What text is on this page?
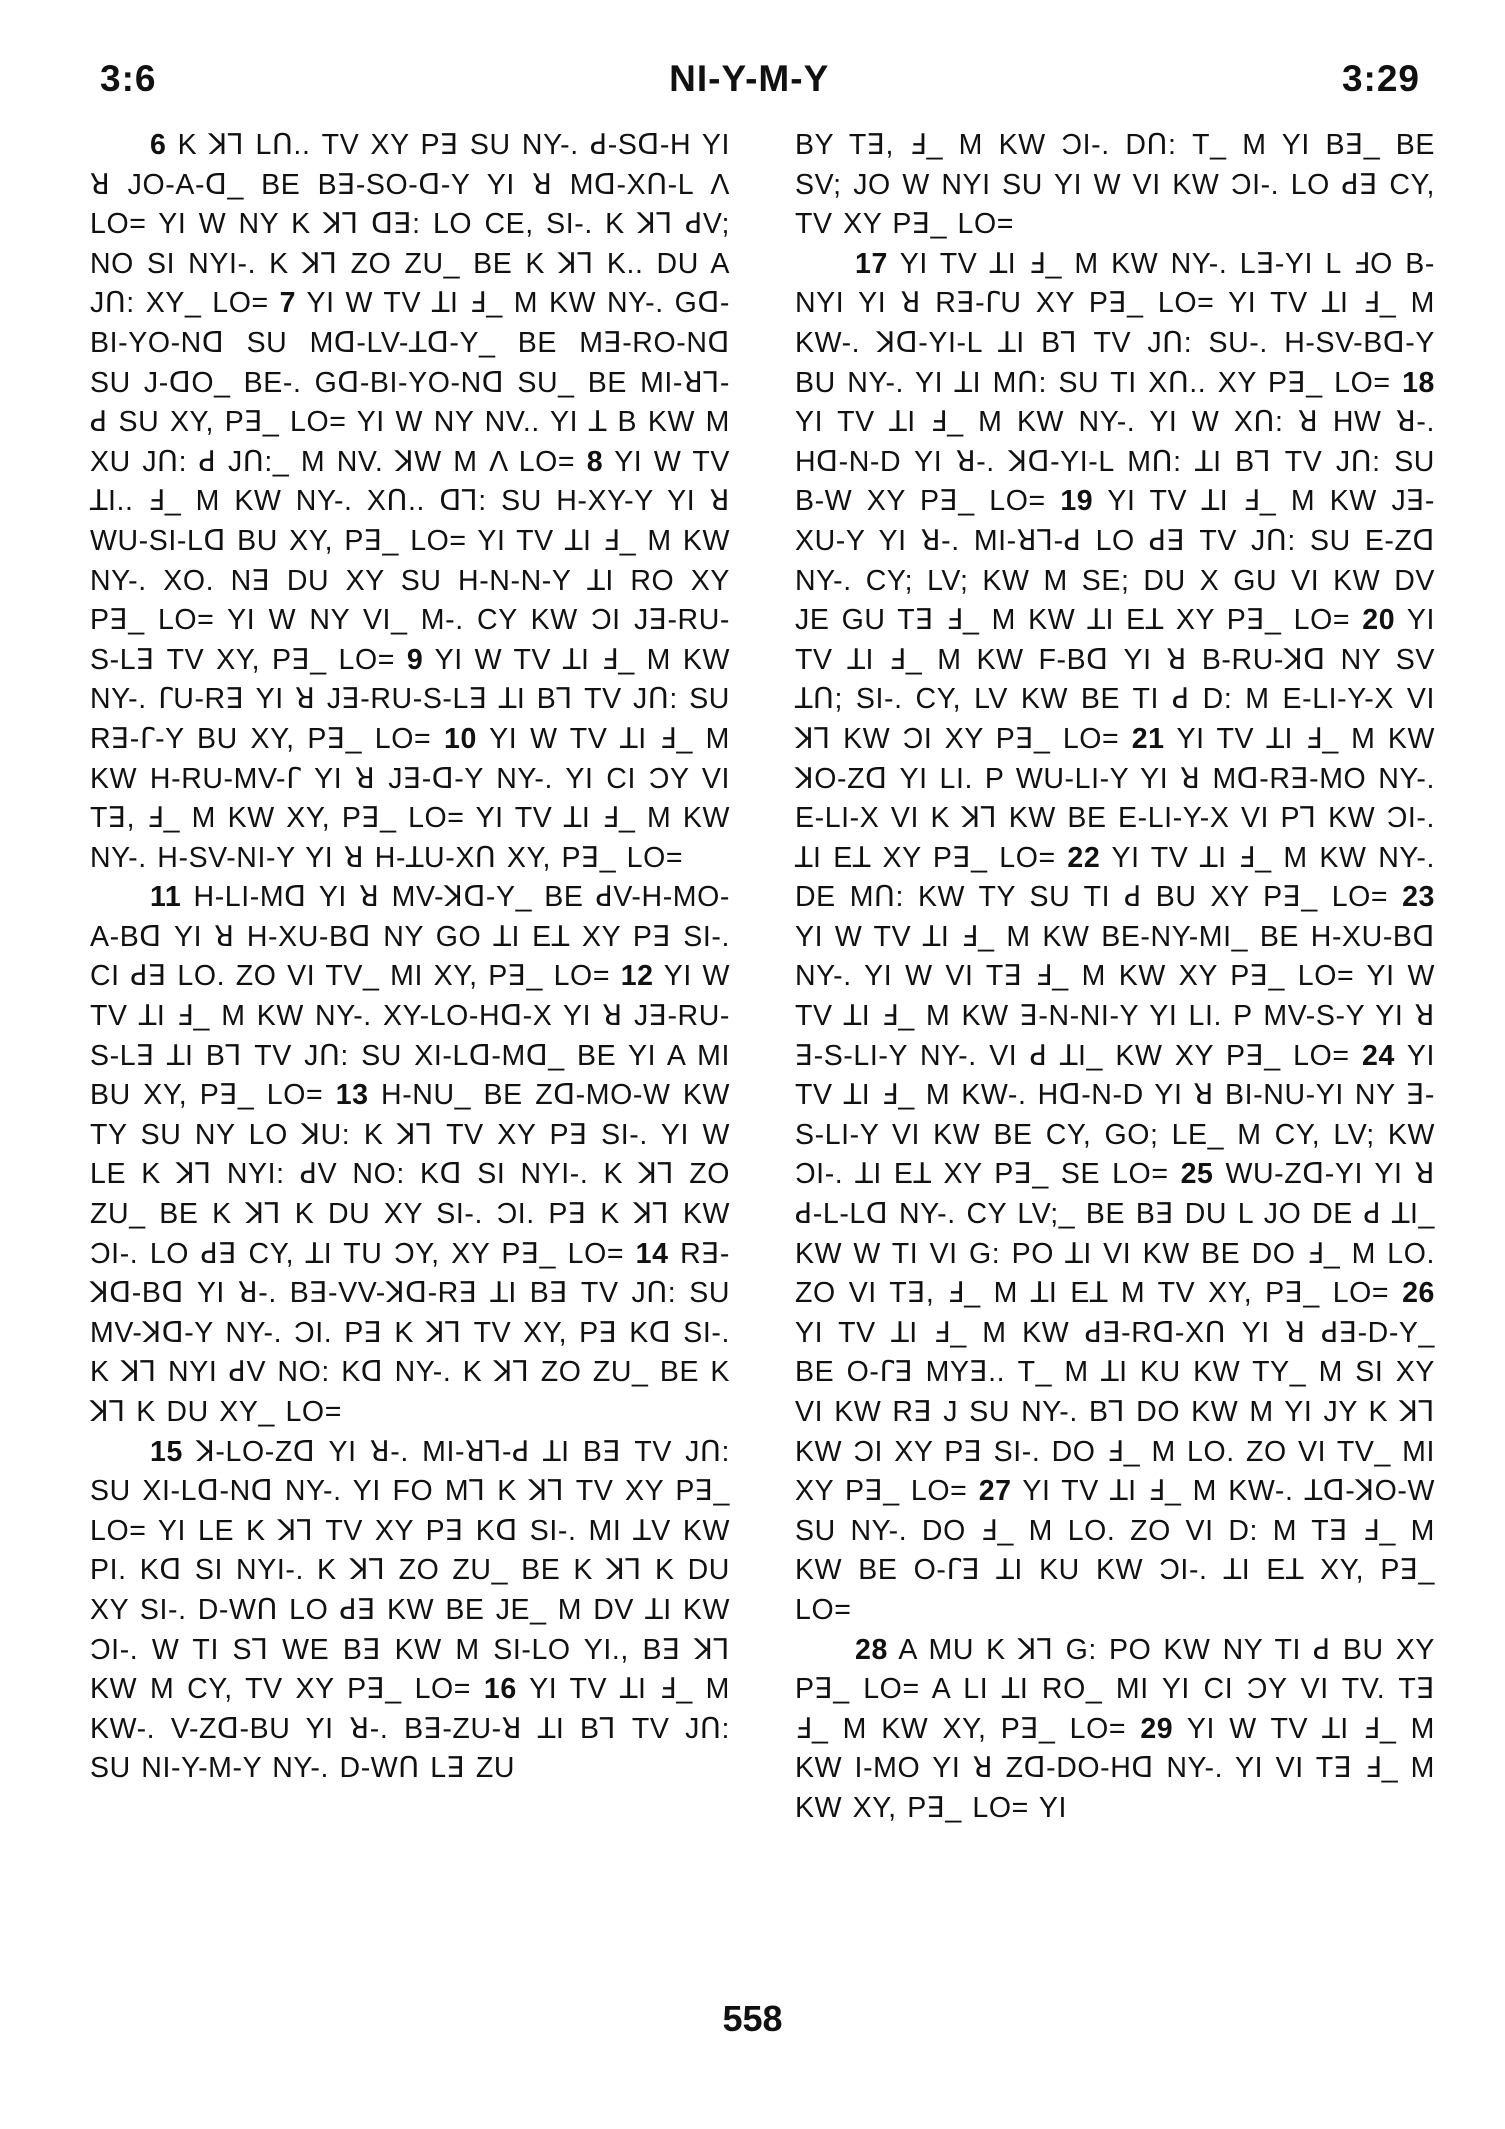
3:6	NI-Y-M-Y	3:29

6 K ꓘꓶ LՈ.. TV XY Pꓱ SU NY-. ꓒ-Sᗡ-H YI ꓤ JO-A-ᗡ_ BE Bꓱ-SO-ᗡ-Y YI ꓤ Mᗡ-XՈ-L Λ LO= YI W NY K ꓘꓶ ᗡꓱ: LO CE, SI-. K ꓘꓶ ꓒV; NO SI NYI-. K ꓘꓶ ZO ZU_ BE K ꓘꓶ K.. DU A JՈ: XY_ LO= 7 YI W TV ꓕI ꓞ_ M KW NY-. Gᗡ-BI-YO-Nᗡ SU Mᗡ-LV-ꓕᗡ-Y_ BE Mꓱ-RO-Nᗡ SU J-ᗡO_ BE-. Gᗡ-BI-YO-Nᗡ SU_ BE MI-ꓤꓶ-ꓒ SU XY, Pꓱ_ LO= YI W NY NV.. YI ꓕ B KW M XU JՈ: ꓒ JՈ:_ M NV. ꓘW M Λ LO= 8 YI W TV ꓕI.. ꓞ_ M KW NY-. XՈ.. ᗡꓶ: SU H-XY-Y YI ꓤ WU-SI-Lᗡ BU XY, Pꓱ_ LO= YI TV ꓕI ꓞ_ M KW NY-. XO. Nꓱ DU XY SU H-N-N-Y ꓕI RO XY Pꓱ_ LO= YI W NY VI_ M-. CY KW ƆI Jꓱ-RU-S-Lꓱ TV XY, Pꓱ_ LO= 9 YI W TV ꓕI ꓞ_ M KW NY-. ꓩU-Rꓱ YI ꓤ Jꓱ-RU-S-Lꓱ ꓕI Bꓶ TV JՈ: SU Rꓱ-ꓩ-Y BU XY, Pꓱ_ LO= 10 YI W TV ꓕI ꓞ_ M KW H-RU-MV-ꓩ YI ꓤ Jꓱ-ᗡ-Y NY-. YI CI ƆY VI Tꓱ, ꓞ_ M KW XY, Pꓱ_ LO= YI TV ꓕI ꓞ_ M KW NY-. H-SV-NI-Y YI ꓤ H-ꓕU-XՈ XY, Pꓱ_ LO=

11 H-LI-Mᗡ YI ꓤ MV-ꓘᗡ-Y_ BE ꓒV-H-MO-A-Bᗡ YI ꓤ H-XU-Bᗡ NY GO ꓕI Eꓕ XY Pꓱ SI-. CI ꓒꓱ LO. ZO VI TV_ MI XY, Pꓱ_ LO= 12 YI W TV ꓕI ꓞ_ M KW NY-. XY-LO-Hᗡ-X YI ꓤ Jꓱ-RU-S-Lꓱ ꓕI Bꓶ TV JՈ: SU XI-Lᗡ-Mᗡ_ BE YI A MI BU XY, Pꓱ_ LO= 13 H-NU_ BE Zᗡ-MO-W KW TY SU NY LO ꓘU: K ꓘꓶ TV XY Pꓱ SI-. YI W LE K ꓘꓶ NYI: ꓒV NO: Kᗡ SI NYI-. K ꓘꓶ ZO ZU_ BE K ꓘꓶ K DU XY SI-. ƆI. Pꓱ K ꓘꓶ KW ƆI-. LO ꓒꓱ CY, ꓕI TU ƆY, XY Pꓱ_ LO= 14 Rꓱ-ꓘᗡ-Bᗡ YI ꓤ-. Bꓱ-VV-ꓘᗡ-Rꓱ ꓕI Bꓱ TV JՈ: SU MV-ꓘᗡ-Y NY-. ƆI. Pꓱ K ꓘꓶ TV XY, Pꓱ Kᗡ SI-. K ꓘꓶ NYI ꓒV NO: Kᗡ NY-. K ꓘꓶ ZO ZU_ BE K ꓘꓶ K DU XY_ LO=

15 ꓘ-LO-Zᗡ YI ꓤ-. MI-ꓤꓶ-ꓒ ꓕI Bꓱ TV JՈ: SU XI-Lᗡ-Nᗡ NY-. YI FO Mꓶ K ꓘꓶ TV XY Pꓱ_ LO= YI LE K ꓘꓶ TV XY Pꓱ Kᗡ SI-. MI ꓕV KW PI. Kᗡ SI NYI-. K ꓘꓶ ZO ZU_ BE K ꓘꓶ K DU XY SI-. D-WՈ LO ꓒꓱ KW BE JE_ M DV ꓕI KW ƆI-. W TI Sꓶ WE Bꓱ KW M SI-LO YI., Bꓱ ꓘꓶ KW M CY, TV XY Pꓱ_ LO= 16 YI TV ꓕI ꓞ_ M KW-. V-Zᗡ-BU YI ꓤ-. Bꓱ-ZU-ꓤ ꓕI Bꓶ TV JՈ: SU NI-Y-M-Y NY-. D-WՈ Lꓱ ZU

BY Tꓱ, ꓞ_ M KW ƆI-. DՈ: T_ M YI Bꓱ_ BE SV; JO W NYI SU YI W VI KW ƆI-. LO ꓒꓱ CY, TV XY Pꓱ_ LO=

17 YI TV ꓕI ꓞ_ M KW NY-. Lꓱ-YI L ꓞO B-NYI YI ꓤ Rꓱ-ꓩU XY Pꓱ_ LO= YI TV ꓕI ꓞ_ M KW-. ꓘᗡ-YI-L ꓕI Bꓶ TV JՈ: SU-. H-SV-Bᗡ-Y BU NY-. YI ꓕI MՈ: SU TI XՈ.. XY Pꓱ_ LO= 18 YI TV ꓕI ꓞ_ M KW NY-. YI W XՈ: ꓤ HW ꓤ-. Hᗡ-N-D YI ꓤ-. ꓘᗡ-YI-L MՈ: ꓕI Bꓶ TV JՈ: SU B-W XY Pꓱ_ LO= 19 YI TV ꓕI ꓞ_ M KW Jꓱ-XU-Y YI ꓤ-. MI-ꓤꓶ-ꓒ LO ꓒꓱ TV JՈ: SU E-Zᗡ NY-. CY; LV; KW M SE; DU X GU VI KW DV JE GU Tꓱ ꓞ_ M KW ꓕI Eꓕ XY Pꓱ_ LO= 20 YI TV ꓕI ꓞ_ M KW F-Bᗡ YI ꓤ B-RU-ꓘᗡ NY SV ꓕՈ; SI-. CY, LV KW BE TI ꓒ D: M E-LI-Y-X VI ꓘꓶ KW ƆI XY Pꓱ_ LO= 21 YI TV ꓕI ꓞ_ M KW ꓘO-Zᗡ YI LI. P WU-LI-Y YI ꓤ Mᗡ-Rꓱ-MO NY-. E-LI-X VI K ꓘꓶ KW BE E-LI-Y-X VI Pꓶ KW ƆI-. ꓕI Eꓕ XY Pꓱ_ LO= 22 YI TV ꓕI ꓞ_ M KW NY-. DE MՈ: KW TY SU TI ꓒ BU XY Pꓱ_ LO= 23 YI W TV ꓕI ꓞ_ M KW BE-NY-MI_ BE H-XU-Bᗡ NY-. YI W VI Tꓱ ꓞ_ M KW XY Pꓱ_ LO= YI W TV ꓕI ꓞ_ M KW ꓱ-N-NI-Y YI LI. P MV-S-Y YI ꓤ ꓱ-S-LI-Y NY-. VI ꓒ ꓕI_ KW XY Pꓱ_ LO= 24 YI TV ꓕI ꓞ_ M KW-. Hᗡ-N-D YI ꓤ BI-NU-YI NY ꓱ-S-LI-Y VI KW BE CY, GO; LE_ M CY, LV; KW ƆI-. ꓕI Eꓕ XY Pꓱ_ SE LO= 25 WU-Zᗡ-YI YI ꓤ ꓒ-L-Lᗡ NY-. CY LV;_ BE Bꓱ DU L JO DE ꓒ ꓕI_ KW W TI VI G: PO ꓕI VI KW BE DO ꓞ_ M LO. ZO VI Tꓱ, ꓞ_ M ꓕI Eꓕ M TV XY, Pꓱ_ LO= 26 YI TV ꓕI ꓞ_ M KW ꓒꓱ-Rᗡ-XՈ YI ꓤ ꓒꓱ-D-Y_ BE O-ꓩꓱ MYꓱ.. T_ M ꓕI KU KW TY_ M SI XY VI KW Rꓱ J SU NY-. Bꓶ DO KW M YI JY K ꓘꓶ KW ƆI XY Pꓱ SI-. DO ꓞ_ M LO. ZO VI TV_ MI XY Pꓱ_ LO= 27 YI TV ꓕI ꓞ_ M KW-. ꓕᗡ-ꓘO-W SU NY-. DO ꓞ_ M LO. ZO VI D: M Tꓱ ꓞ_ M KW BE O-ꓩꓱ ꓕI KU KW ƆI-. ꓕI Eꓕ XY, Pꓱ_ LO=

28 A MU K ꓘꓶ G: PO KW NY TI ꓒ BU XY Pꓱ_ LO= A LI ꓕI RO_ MI YI CI ƆY VI TV. Tꓱ ꓞ_ M KW XY, Pꓱ_ LO= 29 YI W TV ꓕI ꓞ_ M KW I-MO YI ꓤ Zᗡ-DO-Hᗡ NY-. YI VI Tꓱ ꓞ_ M KW XY, Pꓱ_ LO= YI

558
